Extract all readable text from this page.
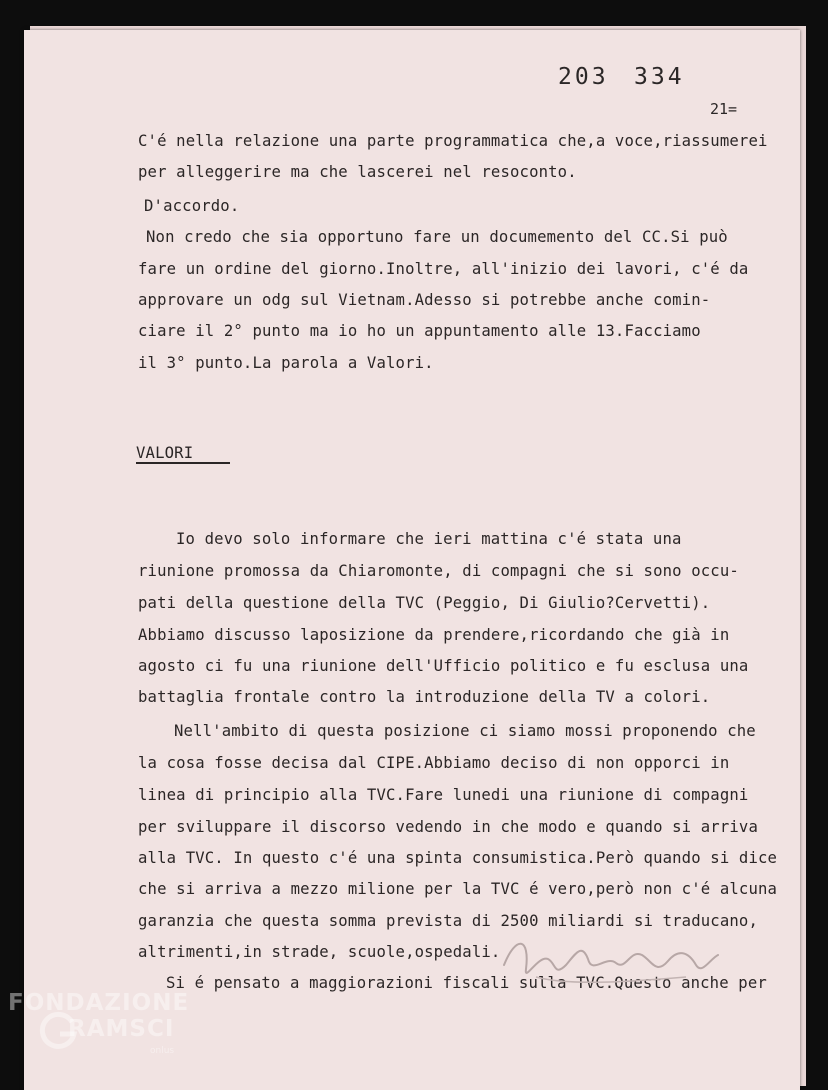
203 334
21=
C'é nella relazione una parte programmatica che,a voce,riassumerei
per alleggerire ma che lascerei nel resoconto.
D'accordo.
Non credo che sia opportuno fare un documemento del CC.Si può
fare un ordine del giorno.Inoltre, all'inizio dei lavori, c'é da
approvare un odg sul Vietnam.Adesso si potrebbe anche comin-
ciare il 2° punto ma io ho un appuntamento alle 13.Facciamo
il 3° punto.La parola a Valori.
VALORI
Io devo solo informare che ieri mattina c'é stata una
riunione promossa da Chiaromonte, di compagni che si sono occu-
pati della questione della TVC (Peggio, Di Giulio?Cervetti).
Abbiamo discusso laposizione da prendere,ricordando che già in
agosto ci fu una riunione dell'Ufficio politico e fu esclusa una
battaglia frontale contro la introduzione della TV a colori.
Nell'ambito di questa posizione ci siamo mossi proponendo che
la cosa fosse decisa dal CIPE.Abbiamo deciso di non opporci in
linea di principio alla TVC.Fare lunedi una riunione di compagni
per sviluppare il discorso vedendo in che modo e quando si arriva
alla TVC. In questo c'é una spinta consumistica.Però quando si dice
che si arriva a mezzo milione per la TVC é vero,però non c'é alcuna
garanzia che questa somma prevista di 2500 miliardi si traducano,
altrimenti,in strade, scuole,ospedali.
Si é pensato a maggiorazioni fiscali sulla TVC.Questo anche per
FONDAZIONE
RAMSCI
onlus
